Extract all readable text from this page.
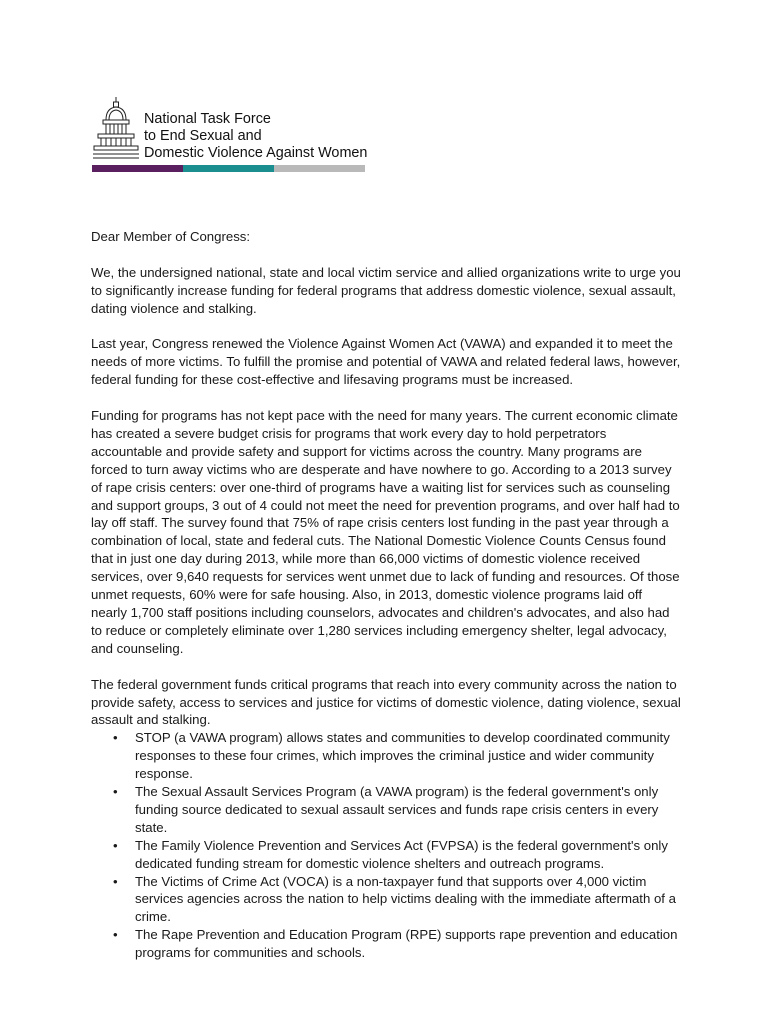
National Task Force
to End Sexual and
Domestic Violence Against Women

Dear Member of Congress:

We, the undersigned national, state and local victim service and allied organizations write to urge you to significantly increase funding for federal programs that address domestic violence, sexual assault, dating violence and stalking.

Last year, Congress renewed the Violence Against Women Act (VAWA) and expanded it to meet the needs of more victims. To fulfill the promise and potential of VAWA and related federal laws, however, federal funding for these cost-effective and lifesaving programs must be increased.

Funding for programs has not kept pace with the need for many years. The current economic climate has created a severe budget crisis for programs that work every day to hold perpetrators accountable and provide safety and support for victims across the country. Many programs are forced to turn away victims who are desperate and have nowhere to go. According to a 2013 survey of rape crisis centers: over one-third of programs have a waiting list for services such as counseling and support groups, 3 out of 4 could not meet the need for prevention programs, and over half had to lay off staff. The survey found that 75% of rape crisis centers lost funding in the past year through a combination of local, state and federal cuts. The National Domestic Violence Counts Census found that in just one day during 2013, while more than 66,000 victims of domestic violence received services, over 9,640 requests for services went unmet due to lack of funding and resources. Of those unmet requests, 60% were for safe housing. Also, in 2013, domestic violence programs laid off nearly 1,700 staff positions including counselors, advocates and children's advocates, and also had to reduce or completely eliminate over 1,280 services including emergency shelter, legal advocacy, and counseling.

The federal government funds critical programs that reach into every community across the nation to provide safety, access to services and justice for victims of domestic violence, dating violence, sexual assault and stalking.

• STOP (a VAWA program) allows states and communities to develop coordinated community responses to these four crimes, which improves the criminal justice and wider community response.
• The Sexual Assault Services Program (a VAWA program) is the federal government's only funding source dedicated to sexual assault services and funds rape crisis centers in every state.
• The Family Violence Prevention and Services Act (FVPSA) is the federal government's only dedicated funding stream for domestic violence shelters and outreach programs.
• The Victims of Crime Act (VOCA) is a non-taxpayer fund that supports over 4,000 victim services agencies across the nation to help victims dealing with the immediate aftermath of a crime.
• The Rape Prevention and Education Program (RPE) supports rape prevention and education programs for communities and schools.
